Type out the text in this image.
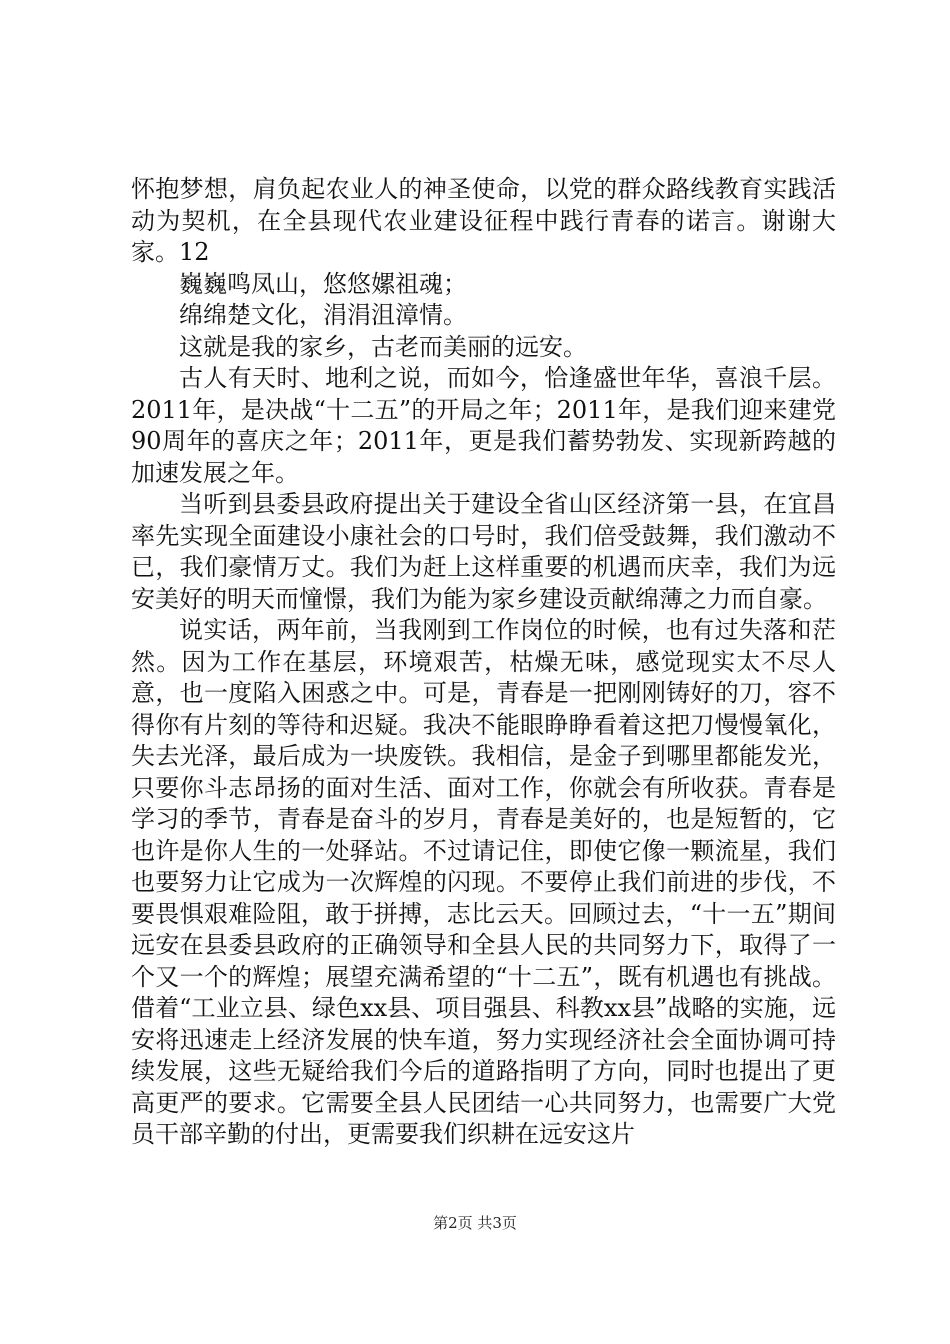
怀抱梦想，肩负起农业人的神圣使命，以党的群众路线教育实践活动为契机，在全县现代农业建设征程中践行青春的诺言。谢谢大家。12

巍巍鸣凤山，悠悠嫘祖魂；

绵绵楚文化，涓涓沮漳情。

这就是我的家乡，古老而美丽的远安。

古人有天时、地利之说，而如今，恰逢盛世年华，喜浪千层。2011年，是决战“十二五”的开局之年；2011年，是我们迎来建党90周年的喜庆之年；2011年，更是我们蓄势勃发、实现新跨越的加速发展之年。

当听到县委县政府提出关于建设全省山区经济第一县，在宜昌率先实现全面建设小康社会的口号时，我们倍受鼓舞，我们激动不已，我们豪情万丈。我们为赶上这样重要的机遇而庆幸，我们为远安美好的明天而憧憬，我们为能为家乡建设贡献绵薄之力而自豪。

说实话，两年前，当我刚到工作岗位的时候，也有过失落和茫然。因为工作在基层，环境艰苦，枯燥无味，感觉现实太不尽人意，也一度陷入困惑之中。可是，青春是一把刚刚铸好的刀，容不得你有片刻的等待和迟疑。我决不能眼睁睁看着这把刀慢慢氧化，失去光泽，最后成为一块废铁。我相信，是金子到哪里都能发光，只要你斗志昂扬的面对生活、面对工作，你就会有所收获。青春是学习的季节，青春是奋斗的岁月，青春是美好的，也是短暂的，它也许是你人生的一处驿站。不过请记住，即使它像一颗流星，我们也要努力让它成为一次辉煌的闪现。不要停止我们前进的步伐，不要畏惧艰难险阻，敢于拼搏，志比云天。回顾过去，“十一五”期间远安在县委县政府的正确领导和全县人民的共同努力下，取得了一个又一个的辉煌；展望充满希望的“十二五”，既有机遇也有挑战。借着“工业立县、绿色xx县、项目强县、科教xx县”战略的实施，远安将迅速走上经济发展的快车道，努力实现经济社会全面协调可持续发展，这些无疑给我们今后的道路指明了方向，同时也提出了更高更严的要求。它需要全县人民团结一心共同努力，也需要广大党员干部辛勤的付出，更需要我们织耕在远安这片

第2页 共3页
